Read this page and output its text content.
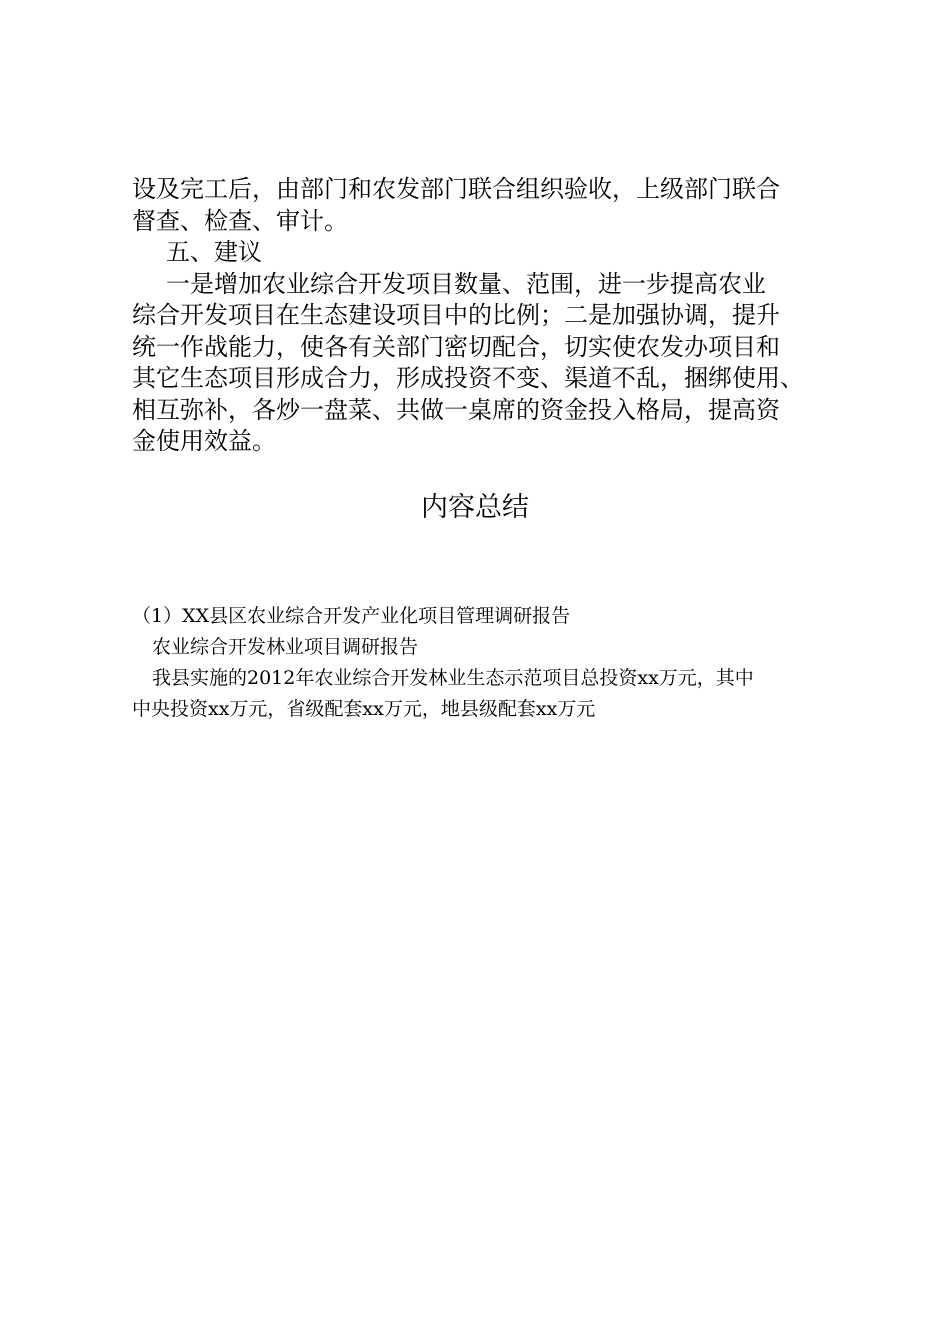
设及完工后，由部门和农发部门联合组织验收，上级部门联合

督查、检查、审计。

五、建议

一是增加农业综合开发项目数量、范围，进一步提高农业

综合开发项目在生态建设项目中的比例；二是加强协调，提升

统一作战能力，使各有关部门密切配合，切实使农发办项目和

其它生态项目形成合力，形成投资不变、渠道不乱，捆绑使用、

相互弥补，各炒一盘菜、共做一桌席的资金投入格局，提高资

金使用效益。

内容总结

（1）XX县区农业综合开发产业化项目管理调研报告

农业综合开发林业项目调研报告

我县实施的2012年农业综合开发林业生态示范项目总投资xx万元，其中

中央投资xx万元，省级配套xx万元，地县级配套xx万元
